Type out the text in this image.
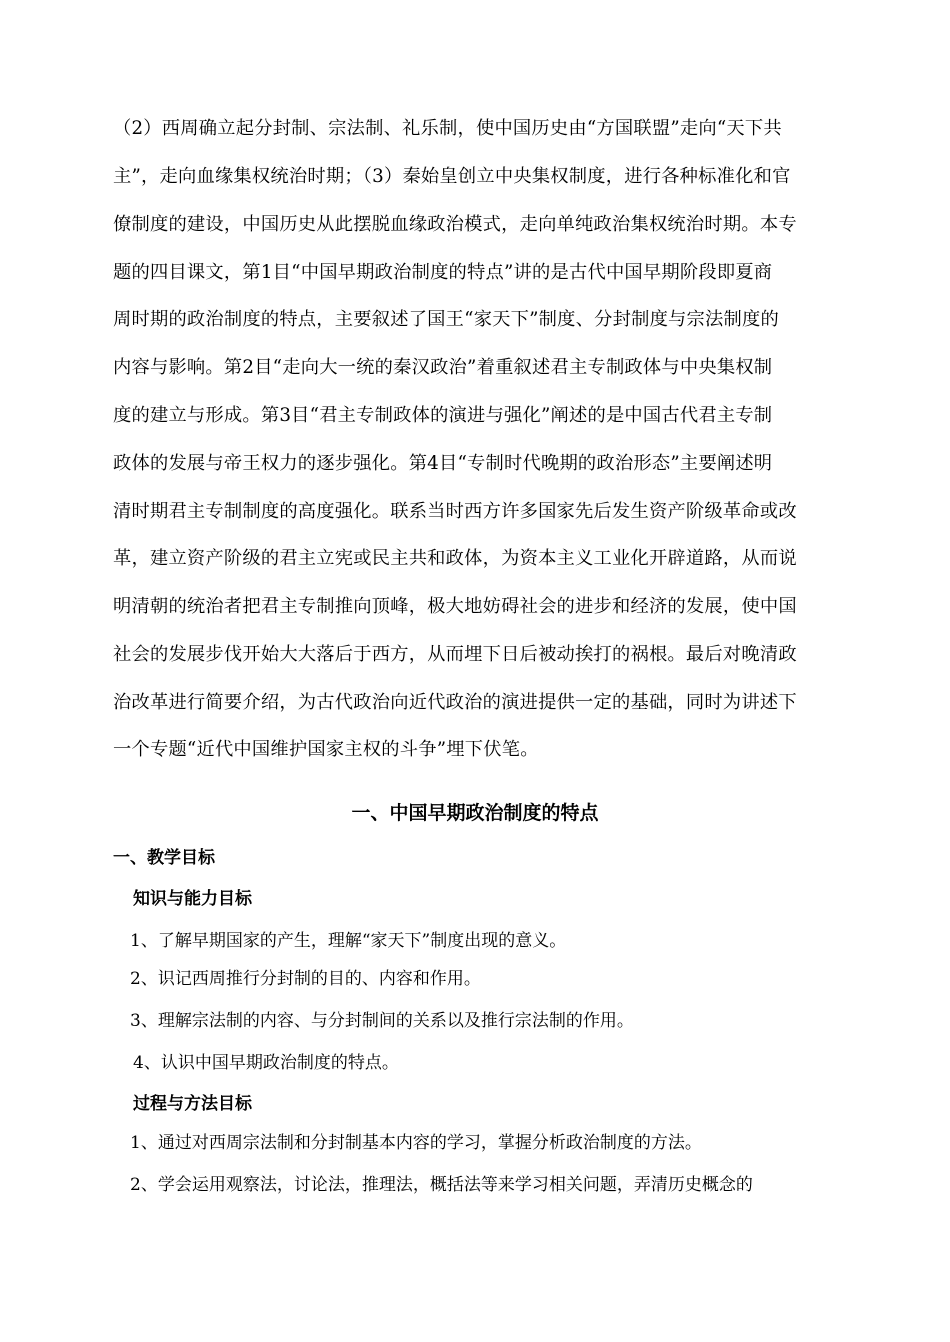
（2）西周确立起分封制、宗法制、礼乐制，使中国历史由“方国联盟”走向“天下共
主”，走向血缘集权统治时期；（3）秦始皇创立中央集权制度，进行各种标准化和官
僚制度的建设，中国历史从此摆脱血缘政治模式，走向单纯政治集权统治时期。本专
题的四目课文，第1目“中国早期政治制度的特点”讲的是古代中国早期阶段即夏商
周时期的政治制度的特点，主要叙述了国王“家天下”制度、分封制度与宗法制度的
内容与影响。第2目“走向大一统的秦汉政治”着重叙述君主专制政体与中央集权制
度的建立与形成。第3目“君主专制政体的演进与强化”阐述的是中国古代君主专制
政体的发展与帝王权力的逐步强化。第4目“专制时代晚期的政治形态”主要阐述明
清时期君主专制制度的高度强化。联系当时西方许多国家先后发生资产阶级革命或改
革，建立资产阶级的君主立宪或民主共和政体，为资本主义工业化开辟道路，从而说
明清朝的统治者把君主专制推向顶峰，极大地妨碍社会的进步和经济的发展，使中国
社会的发展步伐开始大大落后于西方，从而埋下日后被动挨打的祸根。最后对晚清政
治改革进行简要介绍，为古代政治向近代政治的演进提供一定的基础，同时为讲述下
一个专题“近代中国维护国家主权的斗争”埋下伏笔。
一、中国早期政治制度的特点
一、教学目标
知识与能力目标
1、了解早期国家的产生，理解“家天下”制度出现的意义。
2、识记西周推行分封制的目的、内容和作用。
3、理解宗法制的内容、与分封制间的关系以及推行宗法制的作用。
4、认识中国早期政治制度的特点。
过程与方法目标
1、通过对西周宗法制和分封制基本内容的学习，掌握分析政治制度的方法。
2、学会运用观察法，讨论法，推理法，概括法等来学习相关问题，弄清历史概念的
